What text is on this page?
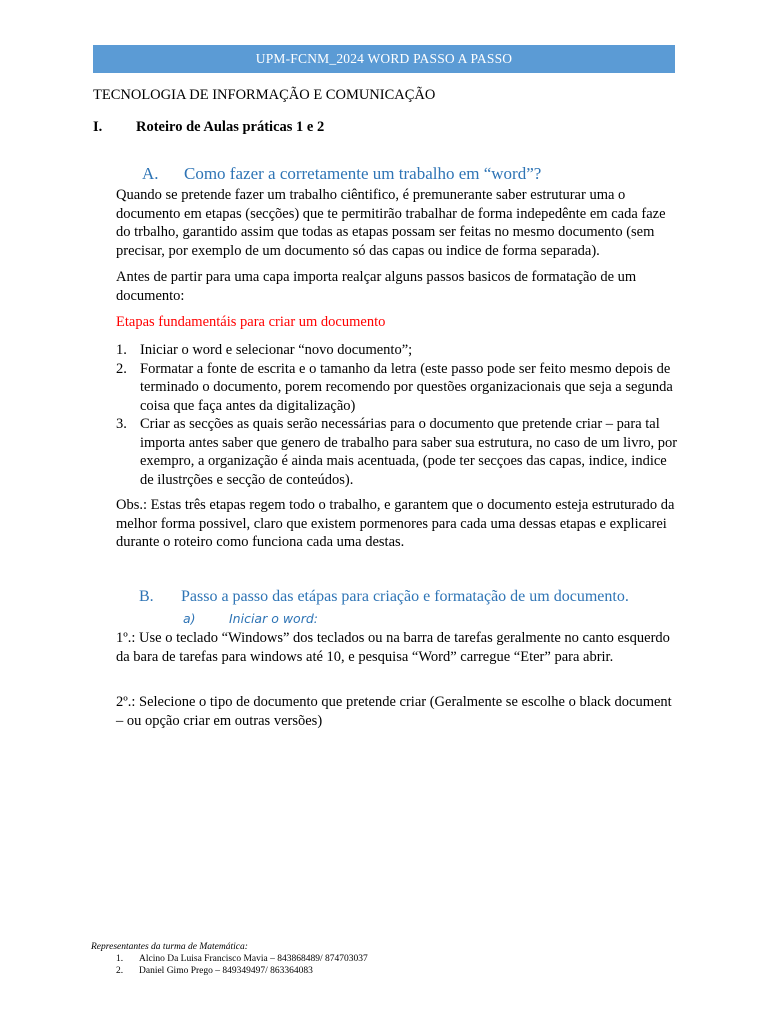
UPM-FCNM_2024 WORD PASSO A PASSO
TECNOLOGIA DE INFORMAÇÃO E COMUNICAÇÃO
I. Roteiro de Aulas práticas 1 e 2
A. Como fazer a corretamente um trabalho em “word”?
Quando se pretende fazer um trabalho ciêntifico, é premunerante saber estruturar uma o documento em etapas (secções) que te permitirão trabalhar de forma indepedênte em cada faze do trbalho, garantido assim que todas as etapas possam ser feitas no mesmo documento (sem precisar, por exemplo de um documento só das capas ou indice de forma separada).
Antes de partir para uma capa importa realçar alguns passos basicos de formatação de um documento:
Etapas fundamentáis para criar um documento
1. Iniciar o word e selecionar “novo documento”;
2. Formatar a fonte de escrita e o tamanho da letra (este passo pode ser feito mesmo depois de terminado o documento, porem recomendo por questões organizacionais que seja a segunda coisa que faça antes da digitalização)
3. Criar as secções as quais serão necessárias para o documento que pretende criar – para tal importa antes saber que genero de trabalho para saber sua estrutura, no caso de um livro, por exempro, a organização é ainda mais acentuada, (pode ter secçoes das capas, indice, indice de ilustrções e secção de conteúdos).
Obs.: Estas três etapas regem todo o trabalho, e garantem que o documento esteja estruturado da melhor forma possivel, claro que existem pormenores para cada uma dessas etapas e explicarei durante o roteiro como funciona cada uma destas.
B. Passo a passo das etápas para criação e formatação de um documento.
a)	Iniciar o word:
1º.: Use o teclado “Windows” dos teclados ou na barra de tarefas geralmente no canto esquerdo da bara de tarefas para windows até 10, e pesquisa “Word” carregue “Eter” para abrir.
2º.: Selecione o tipo de documento que pretende criar (Geralmente se escolhe o black document – ou opção criar em outras versões)
Representantes da turma de Matemática:
1. Alcino Da Luisa Francisco Mavia – 843868489/ 874703037
2. Daniel Gimo Prego – 849349497/ 863364083
